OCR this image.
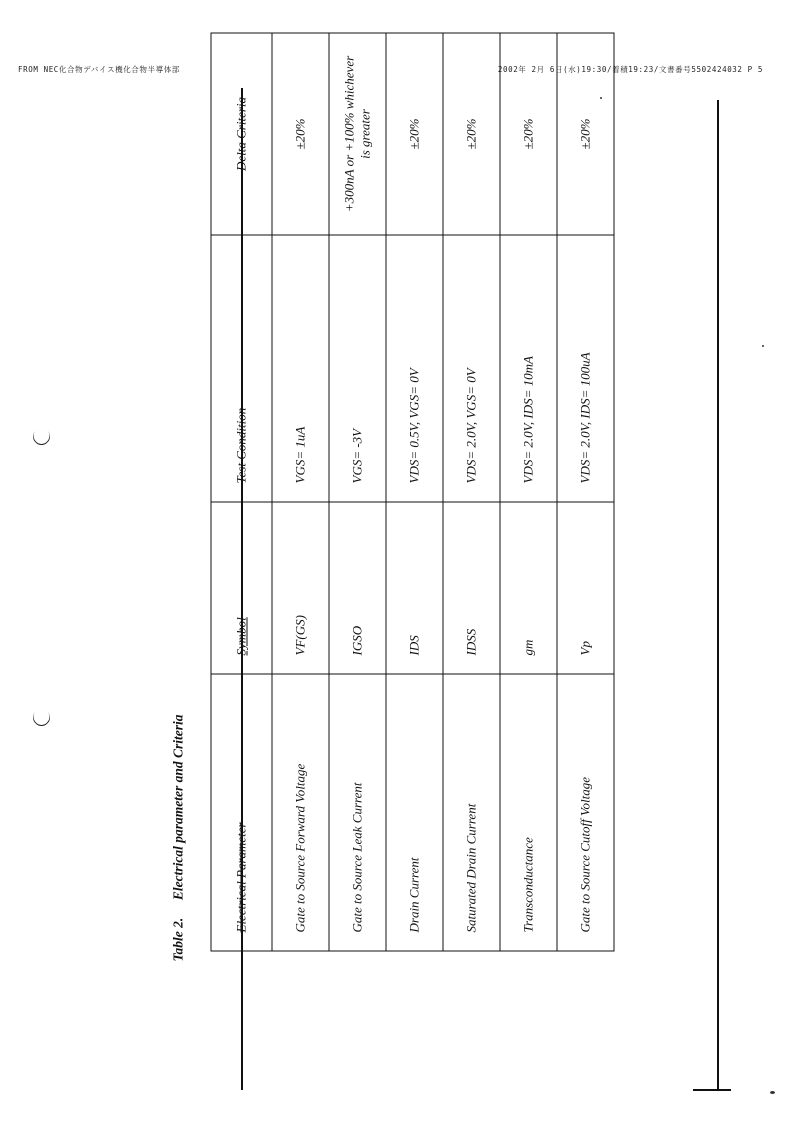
FROM NEC化合物デバイス機化合物半導体部	2002年 2月 6日(水)19:30/着積19:23/文書番号5502424032 P 5
Table 2. Electrical parameter and Criteria	Electrical Parameter	Symbol	Test Condition	Delta Criteria
Gate to Source Forward Voltage	VF(GS)	VGS= 1uA	±20%
Gate to Source Leak Current	IGSO	VGS= -3V	+300nA or +100% whichever is greater
Drain Current	IDS	VDS= 0.5V, VGS= 0V	±20%
Saturated Drain Current	IDSS	VDS= 2.0V, VGS= 0V	±20%
Transconductance	gm	VDS= 2.0V, IDS= 10mA	±20%
Gate to Source Cutoff Voltage	Vp	VDS= 2.0V, IDS= 100uA	±20%
